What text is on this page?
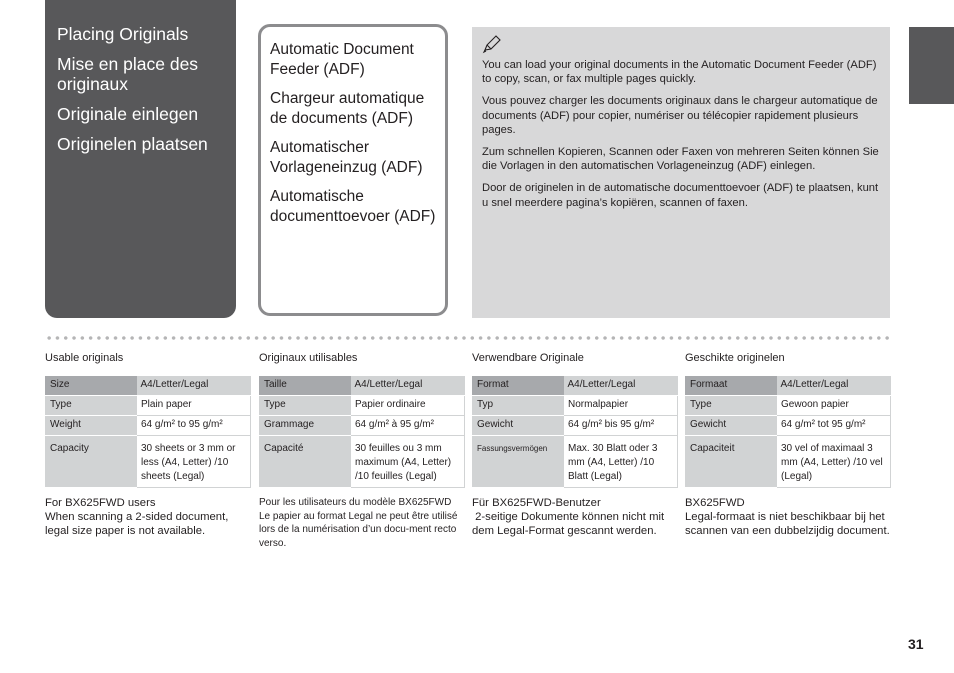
Placing Originals
Mise en place des originaux
Originale einlegen
Originelen plaatsen
Automatic Document Feeder (ADF)
Chargeur automatique de documents (ADF)
Automatischer Vorlageneinzug (ADF)
Automatische documenttoevoer (ADF)

You can load your original documents in the Automatic Document Feeder (ADF) to copy, scan, or fax multiple pages quickly.

Vous pouvez charger les documents originaux dans le chargeur automatique de documents (ADF) pour copier, numériser ou télécopier rapidement plusieurs pages.

Zum schnellen Kopieren, Scannen oder Faxen von mehreren Seiten können Sie die Vorlagen in den automatischen Vorlageneinzug (ADF) einlegen.

Door de originelen in de automatische documenttoevoer (ADF) te plaatsen, kunt u snel meerdere pagina’s kopiëren, scannen of faxen.

Usable originals
Size	A4/Letter/Legal
Type	Plain paper
Weight	64 g/m² to 95 g/m²
Capacity	30 sheets or 3 mm or less (A4, Letter) /10 sheets (Legal)
For BX625FWD users
When scanning a 2-sided document, legal size paper is not available.
Originaux utilisables
Taille	A4/Letter/Legal
Type	Papier ordinaire
Grammage	64 g/m² à 95 g/m²
Capacité	30 feuilles ou 3 mm maximum (A4, Letter) /10 feuilles (Legal)
Pour les utilisateurs du modèle BX625FWD
Le papier au format Legal ne peut être utilisé lors de la numérisation d’un docu-ment recto verso.
Verwendbare Originale
Format	A4/Letter/Legal
Typ	Normalpapier
Gewicht	64 g/m² bis 95 g/m²
Fassungsvermögen	Max. 30 Blatt oder 3 mm (A4, Letter) /10 Blatt (Legal)
Für BX625FWD-Benutzer
2-seitige Dokumente können nicht mit dem Legal-Format gescannt werden.
Geschikte originelen
Formaat	A4/Letter/Legal
Type	Gewoon papier
Gewicht	64 g/m² tot 95 g/m²
Capaciteit	30 vel of maximaal 3 mm (A4, Letter) /10 vel (Legal)
BX625FWD
Legal-formaat is niet beschikbaar bij het scannen van een dubbelzijdig document.
31
